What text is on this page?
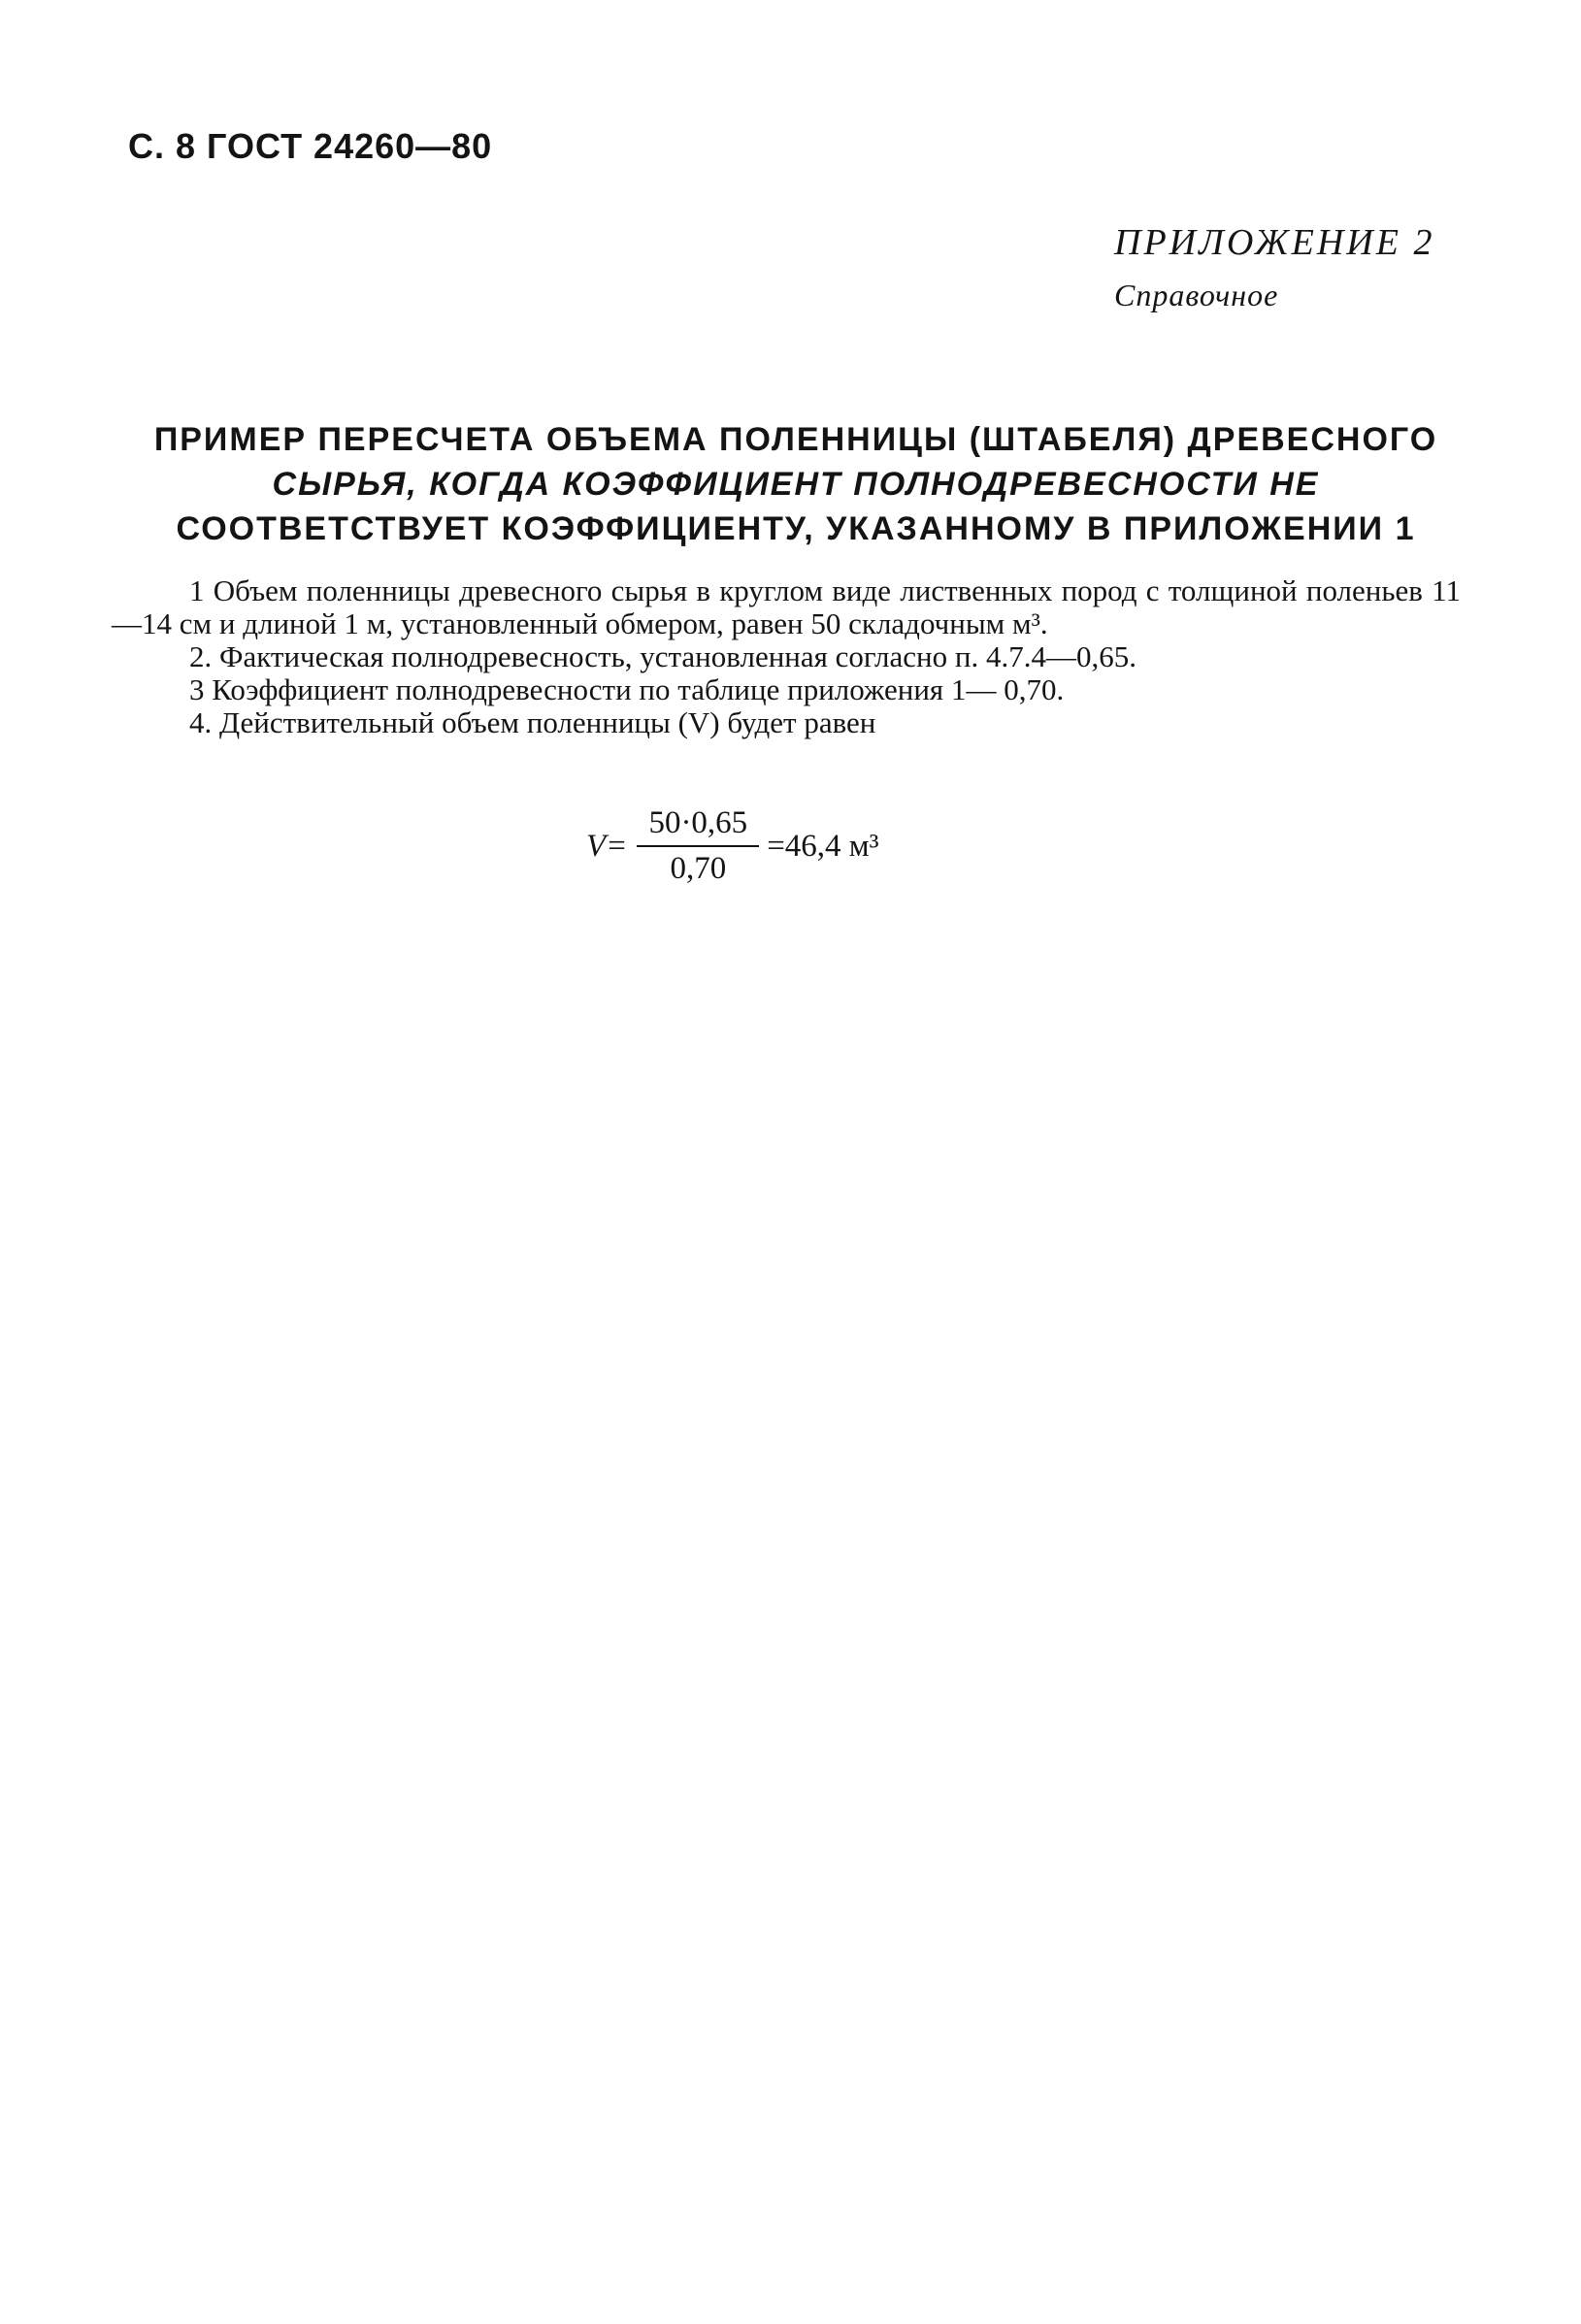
С. 8 ГОСТ 24260—80
ПРИЛОЖЕНИЕ 2
Справочное
ПРИМЕР ПЕРЕСЧЕТА ОБЪЕМА ПОЛЕННИЦЫ (ШТАБЕЛЯ) ДРЕВЕСНОГО
СЫРЬЯ, КОГДА КОЭФФИЦИЕНТ ПОЛНОДРЕВЕСНОСТИ НЕ
СООТВЕТСТВУЕТ КОЭФФИЦИЕНТУ, УКАЗАННОМУ В ПРИЛОЖЕНИИ 1

1 Объем поленницы древесного сырья в круглом виде лиственных пород с толщиной поленьев 11—14 см и длиной 1 м, установленный обмером, равен 50 складочным м³.

2. Фактическая полнодревесность, установленная согласно п. 4.7.4—0,65.

3 Коэффициент полнодревесности по таблице приложения 1— 0,70.

4. Действительный объем поленницы (V) будет равен

$V= \frac{50\cdot 0,65}{0,70} =46,4$ м³
